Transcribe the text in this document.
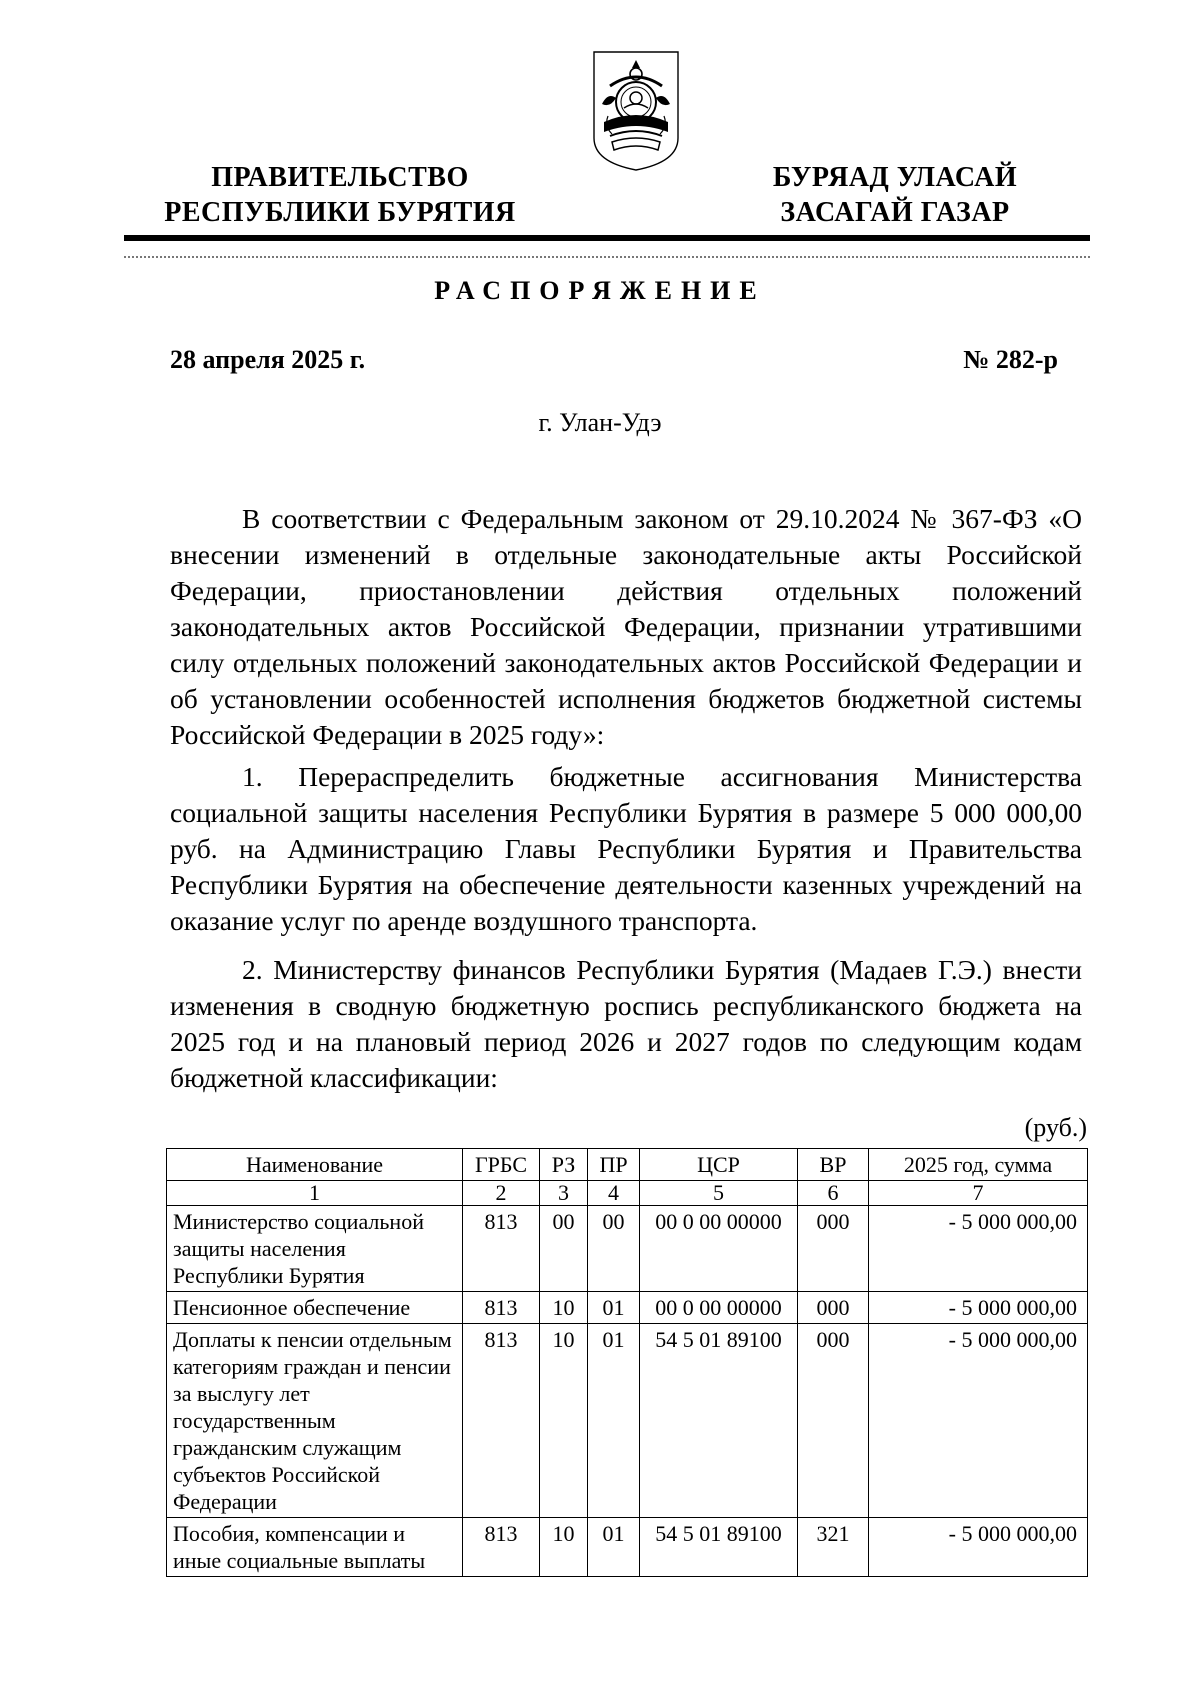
ПРАВИТЕЛЬСТВО
РЕСПУБЛИКИ БУРЯТИЯ
БУРЯАД УЛАСАЙ
ЗАСАГАЙ ГАЗАР
РАСПОРЯЖЕНИЕ
28 апреля 2025 г.	№ 282-р
г. Улан-Удэ

В соответствии с Федеральным законом от 29.10.2024 № 367-ФЗ «О внесении изменений в отдельные законодательные акты Российской Федерации, приостановлении действия отдельных положений законодательных актов Российской Федерации, признании утратившими силу отдельных положений законодательных актов Российской Федерации и об установлении особенностей исполнения бюджетов бюджетной системы Российской Федерации в 2025 году»:

1. Перераспределить бюджетные ассигнования Министерства социальной защиты населения Республики Бурятия в размере 5 000 000,00 руб. на Администрацию Главы Республики Бурятия и Правительства Республики Бурятия на обеспечение деятельности казенных учреждений на оказание услуг по аренде воздушного транспорта.

2. Министерству финансов Республики Бурятия (Мадаев Г.Э.) внести изменения в сводную бюджетную роспись республиканского бюджета на 2025 год и на плановый период 2026 и 2027 годов по следующим кодам бюджетной классификации:

(руб.)
Наименование	ГРБС	РЗ	ПР	ЦСР	ВР	2025 год, сумма
1	2	3	4	5	6	7
Министерство социальной защиты населения Республики Бурятия	813	00	00	00 0 00 00000	000	- 5 000 000,00
Пенсионное обеспечение	813	10	01	00 0 00 00000	000	- 5 000 000,00
Доплаты к пенсии отдельным категориям граждан и пенсии за выслугу лет государственным гражданским служащим субъектов Российской Федерации	813	10	01	54 5 01 89100	000	- 5 000 000,00
Пособия, компенсации и иные социальные выплаты	813	10	01	54 5 01 89100	321	- 5 000 000,00
